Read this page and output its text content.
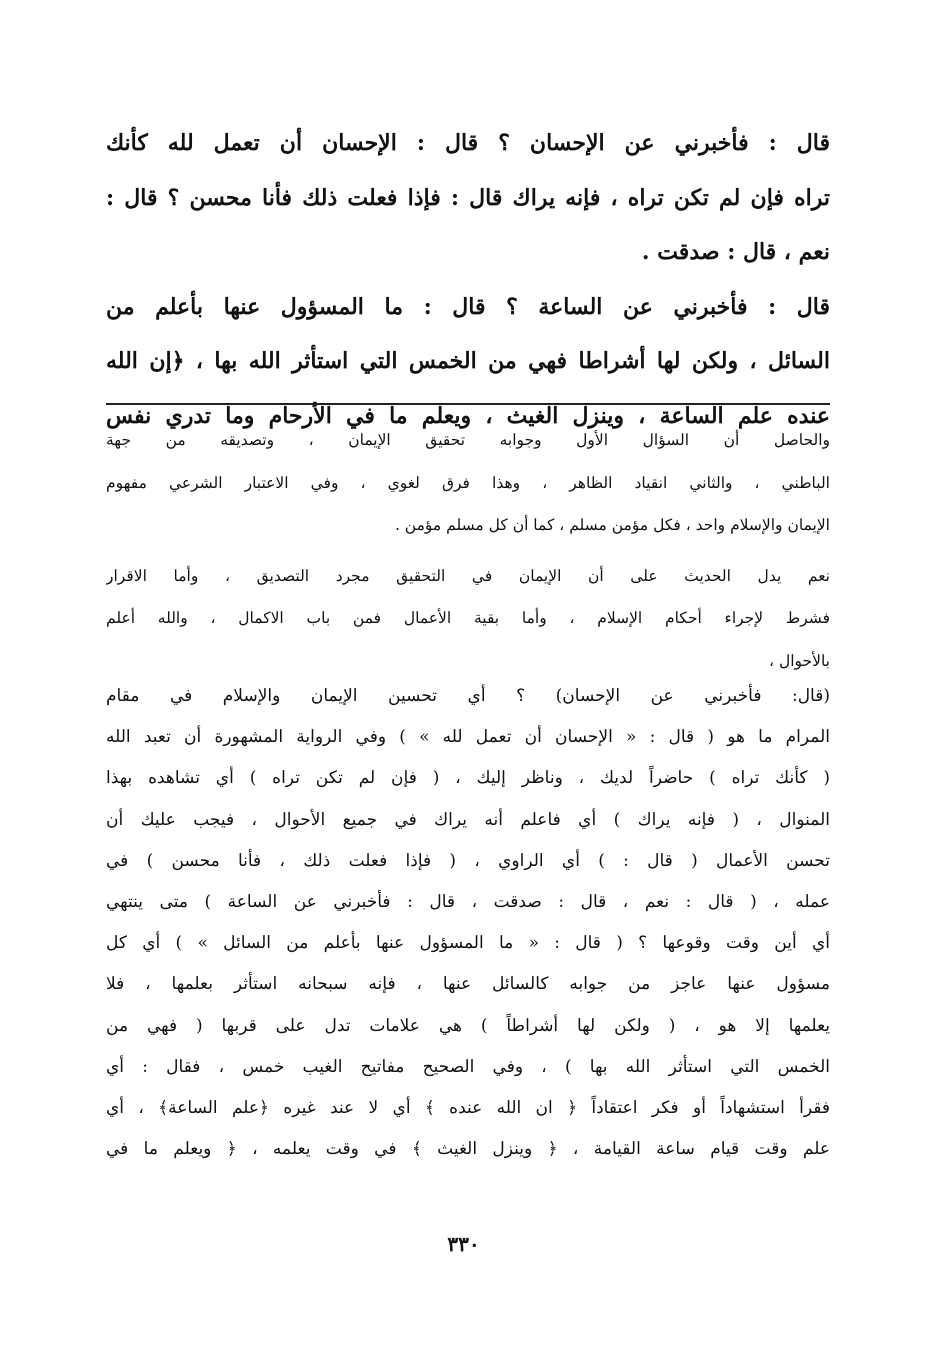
قال : فأخبرني عن الإحسان ؟ قال : الإحسان أن تعمل لله كأنك
تراه فإن لم تكن تراه ، فإنه يراك قال : فإذا فعلت ذلك فأنا محسن ؟ قال :
نعم ، قال : صدقت .
قال : فأخبرني عن الساعة ؟ قال : ما المسؤول عنها بأعلم من
السائل ، ولكن لها أشراطا فهي من الخمس التي استأثر الله بها ، ﴿إن الله
عنده علم الساعة ، وينزل الغيث ، ويعلم ما في الأرحام وما تدري نفس
والحاصل أن السؤال الأول وجوابه تحقيق الإيمان ، وتصديقه من جهة
الباطني ، والثاني انقياد الظاهر ، وهذا فرق لغوي ، وفي الاعتبار الشرعي مفهوم
الإيمان والإسلام واحد ، فكل مؤمن مسلم ، كما أن كل مسلم مؤمن .
نعم يدل الحديث على أن الإيمان في التحقيق مجرد التصديق ، وأما الاقرار
فشرط لإجراء أحكام الإسلام ، وأما بقية الأعمال فمن باب الاكمال ، والله أعلم
بالأحوال ،
(قال: فأخبرني عن الإحسان) ؟ أي تحسين الإيمان والإسلام في مقام
المرام ما هو ( قال : « الإحسان أن تعمل لله » ) وفي الرواية المشهورة أن تعبد الله
( كأنك تراه ) حاضراً لديك ، وناظر إليك ، ( فإن لم تكن تراه ) أي تشاهده بهذا
المنوال ، ( فإنه يراك ) أي فاعلم أنه يراك في جميع الأحوال ، فيجب عليك أن
تحسن الأعمال ( قال : ) أي الراوي ، ( فإذا فعلت ذلك ، فأنا محسن ) في
عمله ، ( قال : نعم ، قال : صدقت ، قال : فأخبرني عن الساعة ) متى ينتهي
أي أين وقت وقوعها ؟ ( قال : « ما المسؤول عنها بأعلم من السائل » ) أي كل
مسؤول عنها عاجز من جوابه كالسائل عنها ، فإنه سبحانه استأثر بعلمها ، فلا
يعلمها إلا هو ، ( ولكن لها أشراطاً ) هي علامات تدل على قربها ( فهي من
الخمس التي استأثر الله بها ) ، وفي الصحيح مفاتيح الغيب خمس ، فقال : أي
فقرأ استشهاداً أو فكر اعتقاداً ﴿ ان الله عنده ﴾ أي لا عند غيره ﴿علم الساعة﴾ ، أي
علم وقت قيام ساعة القيامة ، ﴿ وينزل الغيث ﴾ في وقت يعلمه ، ﴿ ويعلم ما في
٣٣٠
